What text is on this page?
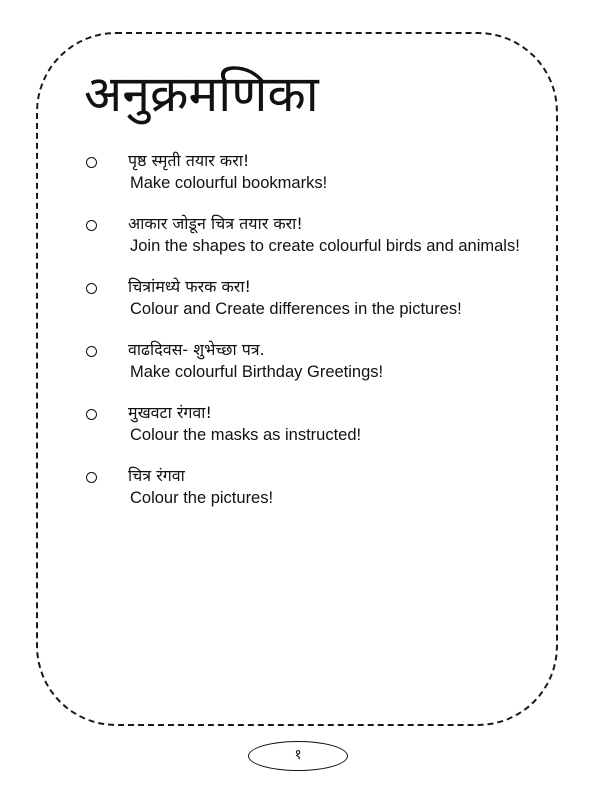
अनुक्रमणिका
पृष्ठ स्मृती तयार करा!
Make colourful bookmarks!
आकार जोडून चित्र तयार करा!
Join the shapes to create colourful birds and animals!
चित्रांमध्ये फरक करा!
Colour and Create differences in the pictures!
वाढदिवस- शुभेच्छा पत्र.
Make colourful Birthday Greetings!
मुखवटा रंगवा!
Colour the masks as instructed!
चित्र रंगवा
Colour the pictures!
१
